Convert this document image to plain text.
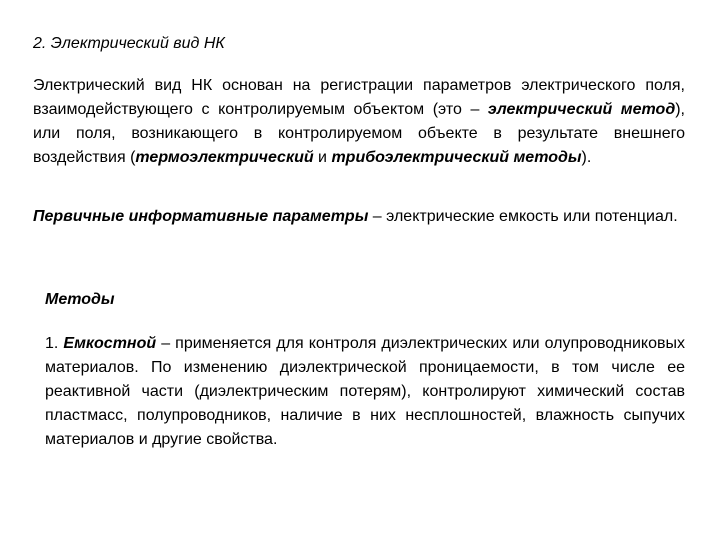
2. Электрический вид НК

Электрический вид НК основан на регистрации параметров электрического поля, взаимодействующего с контролируемым объектом (это – электрический метод), или поля, возникающего в контролируемом объекте в результате внешнего воздействия (термоэлектрический и трибоэлектрический методы).

Первичные информативные параметры – электрические емкость или потенциал.

Методы

1. Емкостной – применяется для контроля диэлектрических или олупроводниковых материалов. По изменению диэлектрической проницаемости, в том числе ее реактивной части (диэлектрическим потерям), контролируют химический состав пластмасс, полупроводников, наличие в них несплошностей, влажность сыпучих материалов и другие свойства.
